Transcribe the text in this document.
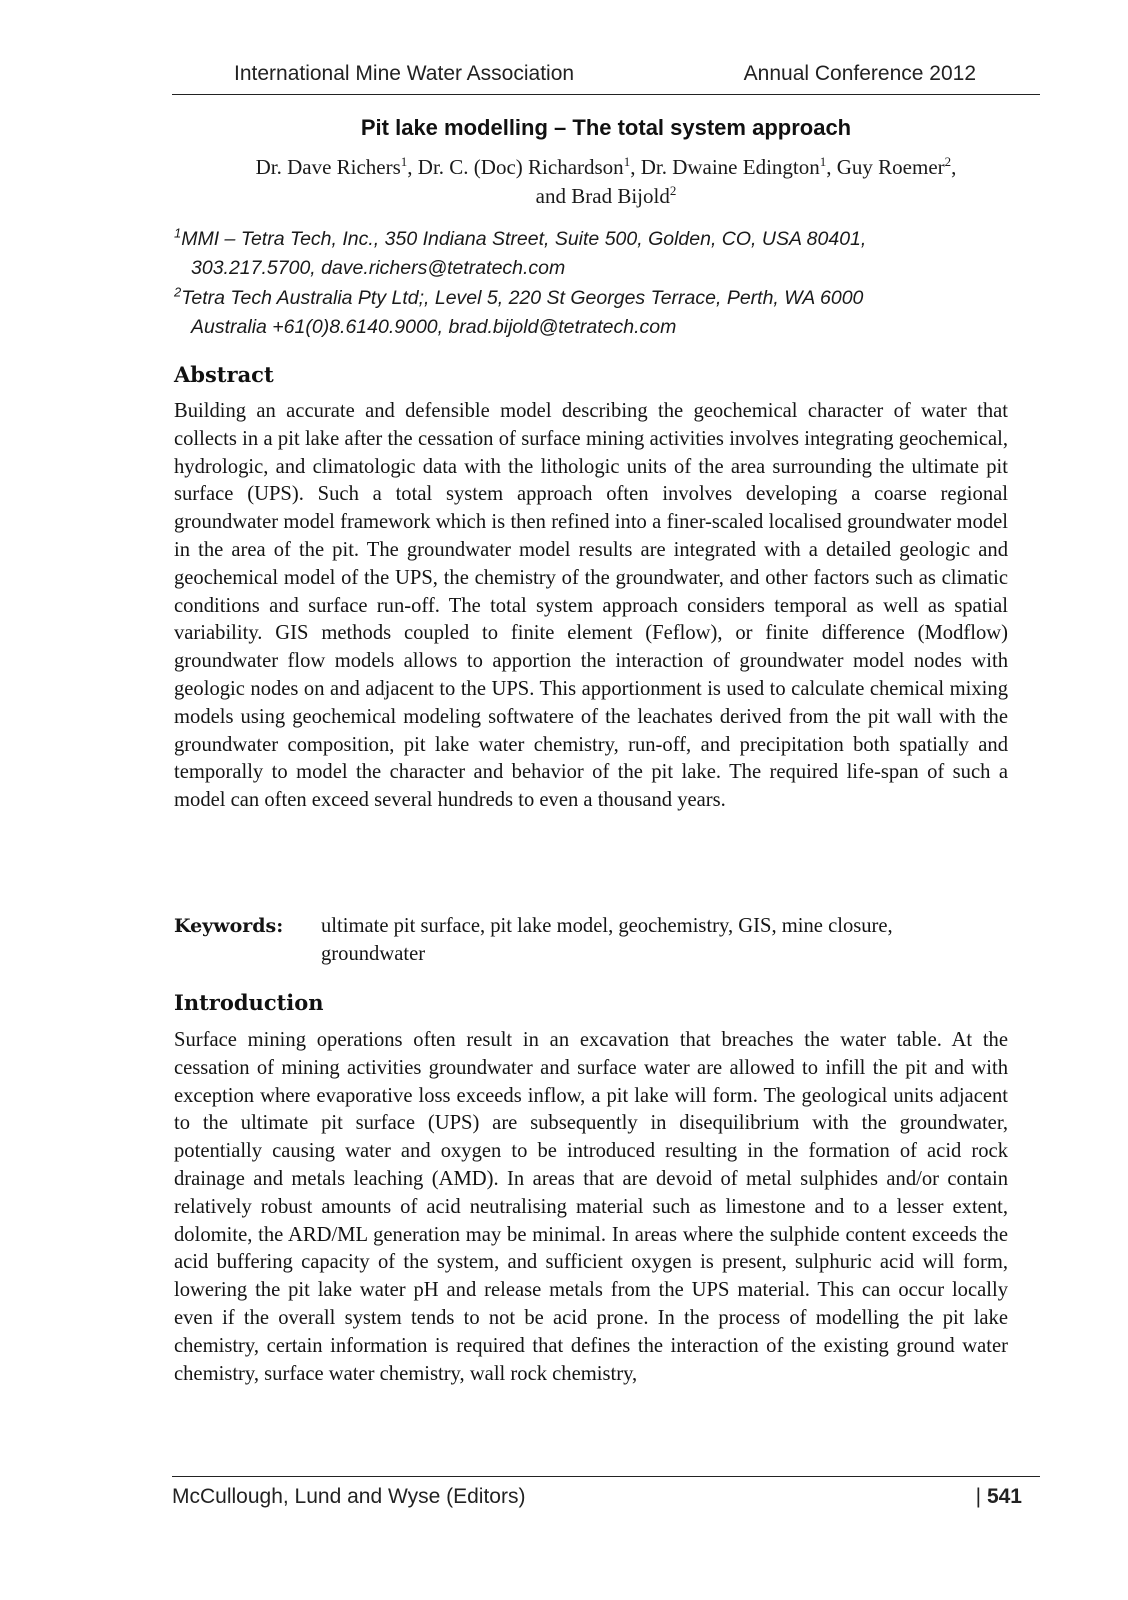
International Mine Water Association	Annual Conference 2012
Pit lake modelling – The total system approach
Dr. Dave Richers$^1$, Dr. C. (Doc) Richardson$^1$, Dr. Dwaine Edington$^1$, Guy Roemer$^2$,
and Brad Bijold$^2$
$^1$MMI – Tetra Tech, Inc., 350 Indiana Street, Suite 500, Golden, CO, USA 80401,
303.217.5700, dave.richers@tetratech.com
$^2$Tetra Tech Australia Pty Ltd;, Level 5, 220 St Georges Terrace, Perth, WA 6000
Australia +61(0)8.6140.9000, brad.bijold@tetratech.com
Abstract
Building an accurate and defensible model describing the geochemical character of water that collects in a pit lake after the cessation of surface mining activities involves integrating geochemical, hydrologic, and climatologic data with the lithologic units of the area surrounding the ultimate pit surface (UPS). Such a total system approach often involves developing a coarse regional groundwater model framework which is then refined into a finer-scaled localised groundwater model in the area of the pit. The groundwater model results are integrated with a detailed geologic and geochemical model of the UPS, the chemistry of the groundwater, and other factors such as climatic conditions and surface run-off. The total system approach considers temporal as well as spatial variability. GIS methods coupled to finite element (Feflow), or finite difference (Modflow) groundwater flow models allows to apportion the interaction of groundwater model nodes with geologic nodes on and adjacent to the UPS. This apportionment is used to calculate chemical mixing models using geochemical modeling softwatere of the leachates derived from the pit wall with the groundwater composition, pit lake water chemistry, run-off, and precipitation both spatially and temporally to model the character and behavior of the pit lake. The required life-span of such a model can often exceed several hundreds to even a thousand years.
Keywords: ultimate pit surface, pit lake model, geochemistry, GIS, mine closure, groundwater
Introduction
Surface mining operations often result in an excavation that breaches the water table. At the cessation of mining activities groundwater and surface water are allowed to infill the pit and with exception where evaporative loss exceeds inflow, a pit lake will form. The geological units adjacent to the ultimate pit surface (UPS) are subsequently in disequilibrium with the groundwater, potentially causing water and oxygen to be introduced resulting in the formation of acid rock drainage and metals leaching (AMD). In areas that are devoid of metal sulphides and/or contain relatively robust amounts of acid neutralising material such as limestone and to a lesser extent, dolomite, the ARD/ML generation may be minimal. In areas where the sulphide content exceeds the acid buffering capacity of the system, and sufficient oxygen is present, sulphuric acid will form, lowering the pit lake water pH and release metals from the UPS material. This can occur locally even if the overall system tends to not be acid prone. In the process of modelling the pit lake chemistry, certain information is required that defines the interaction of the existing ground water chemistry, surface water chemistry, wall rock chemistry,
McCullough, Lund and Wyse (Editors)	| 541
